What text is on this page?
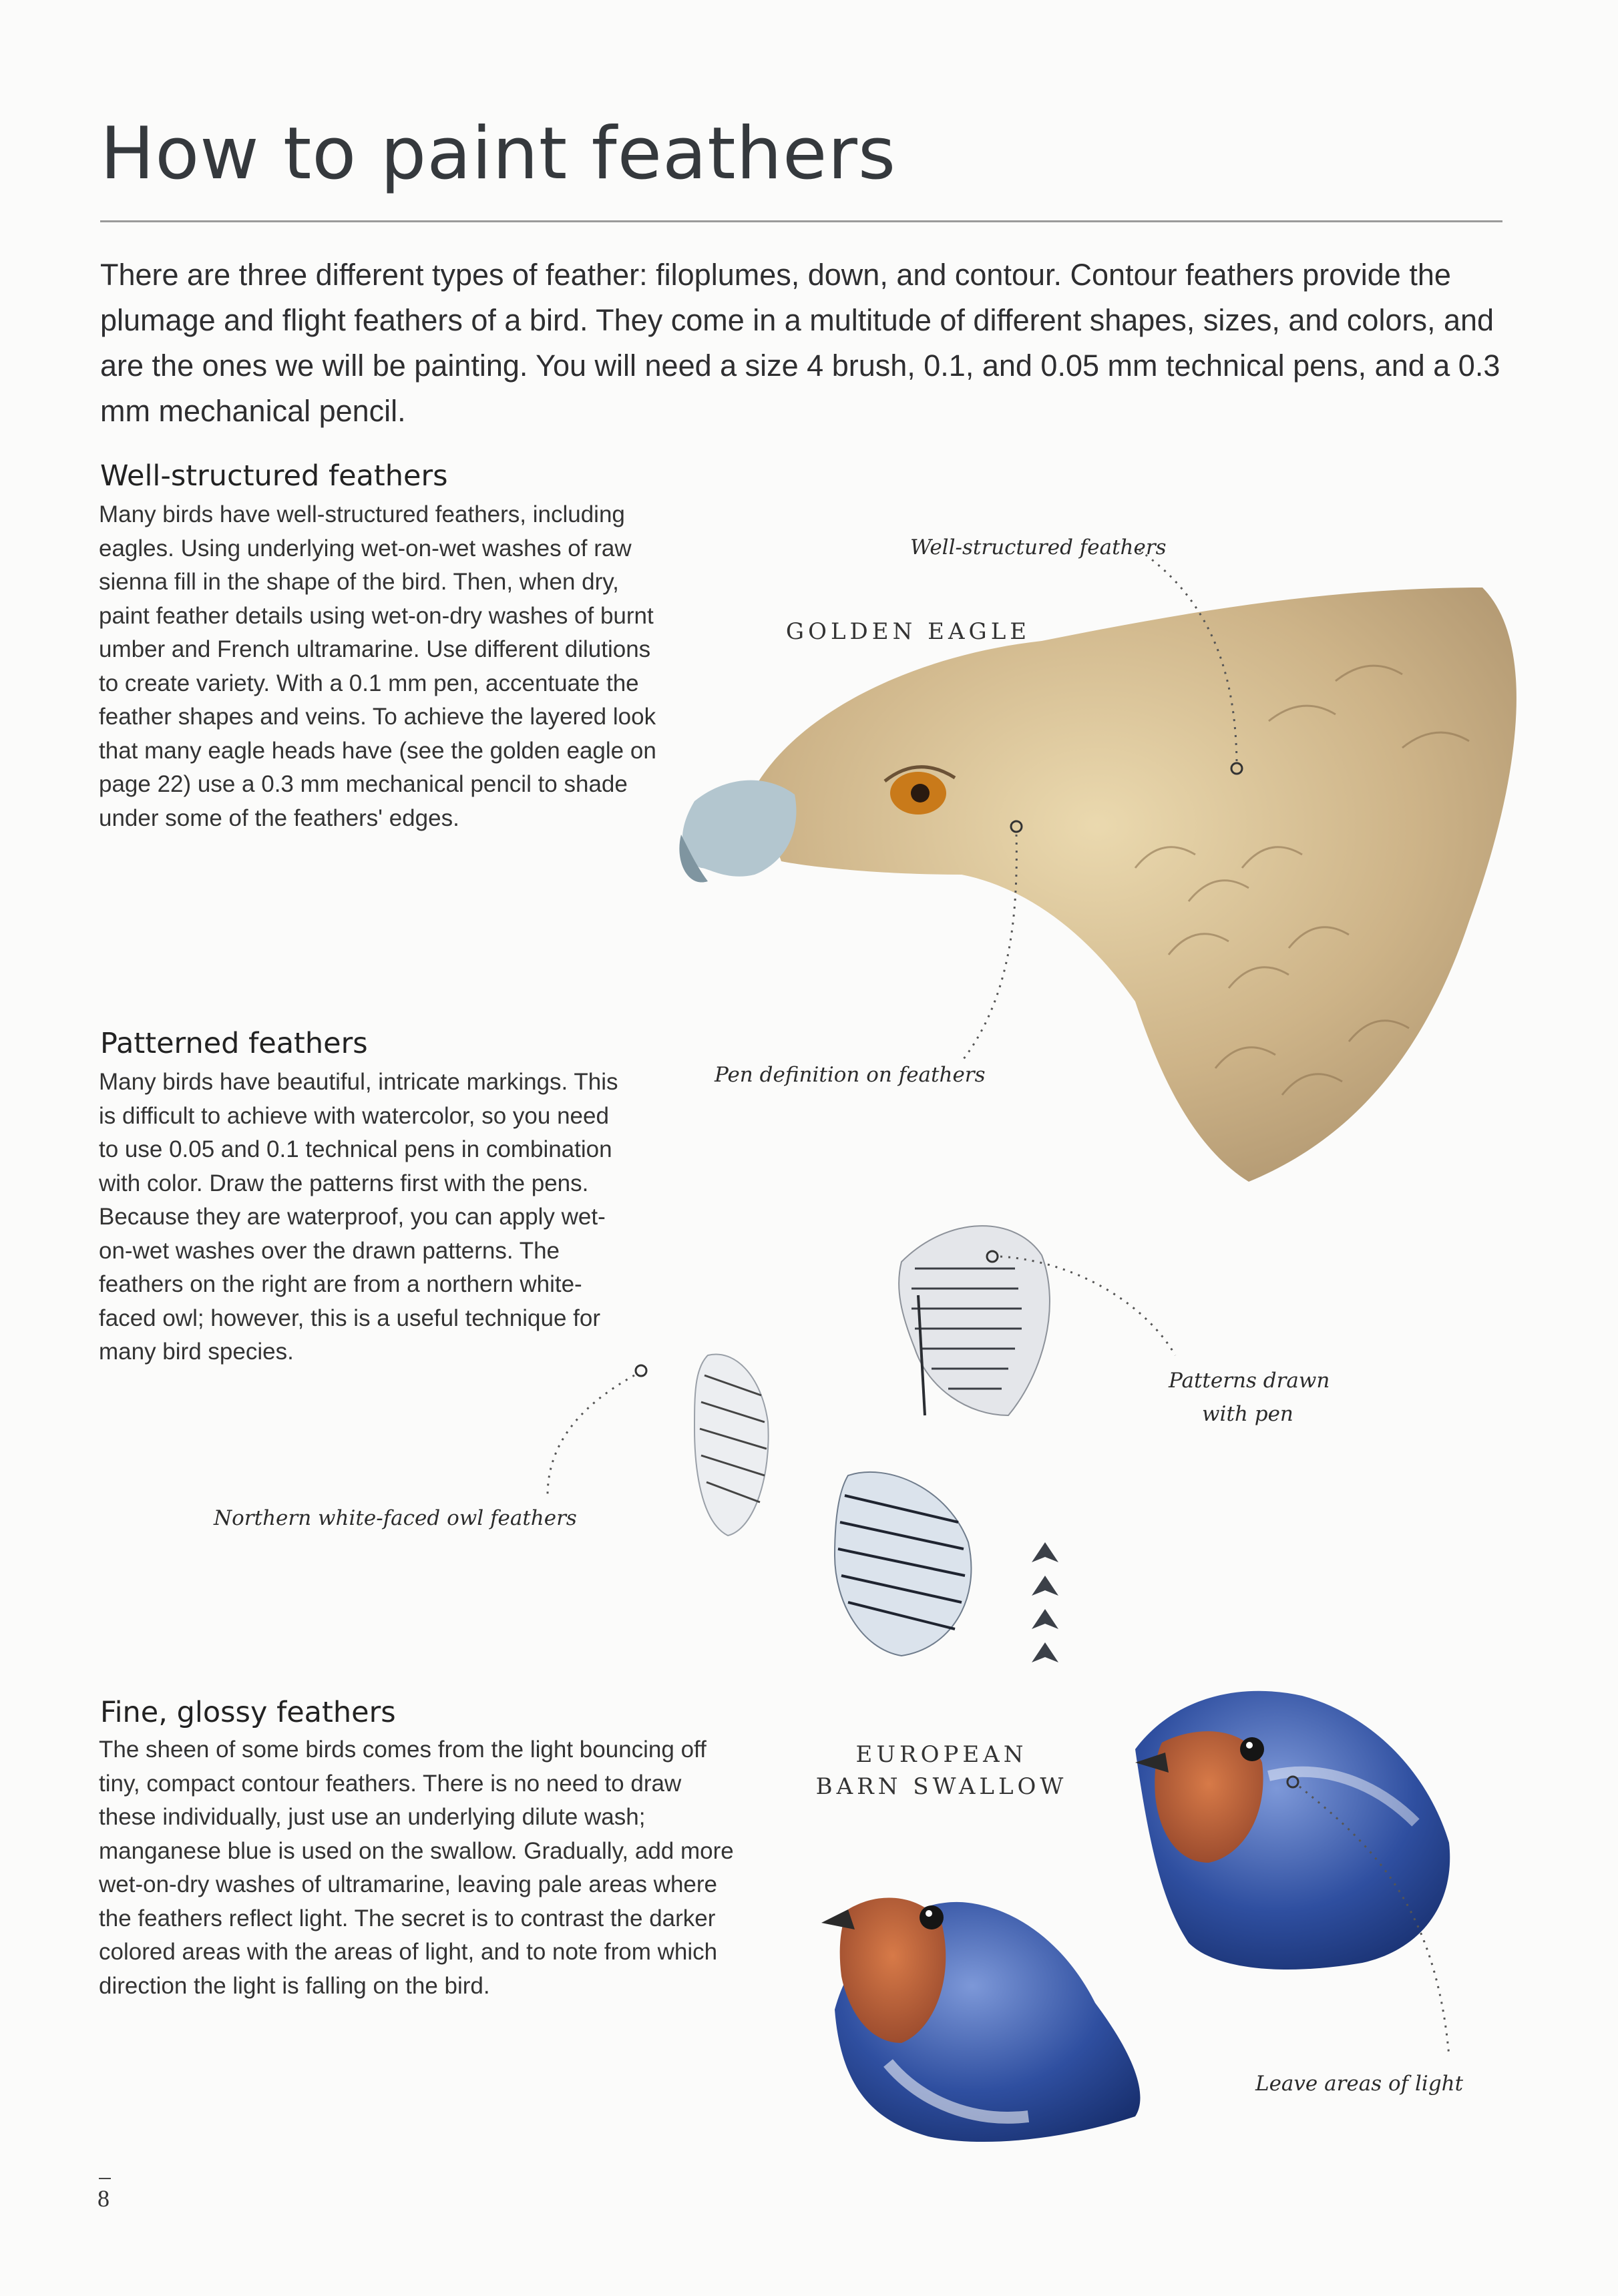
How to paint feathers

There are three different types of feather: filoplumes, down, and contour. Contour feathers provide the plumage and flight feathers of a bird. They come in a multitude of different shapes, sizes, and colors, and are the ones we will be painting. You will need a size 4 brush, 0.1, and 0.05 mm technical pens, and a 0.3 mm mechanical pencil.

Well-structured feathers

Many birds have well-structured feathers, including eagles. Using underlying wet-on-wet washes of raw sienna fill in the shape of the bird. Then, when dry, paint feather details using wet-on-dry washes of burnt umber and French ultramarine. Use different dilutions to create variety. With a 0.1 mm pen, accentuate the feather shapes and veins. To achieve the layered look that many eagle heads have (see the golden eagle on page 22) use a 0.3 mm mechanical pencil to shade under some of the feathers' edges.

Patterned feathers

Many birds have beautiful, intricate markings. This is difficult to achieve with watercolor, so you need to use 0.05 and 0.1 technical pens in combination with color. Draw the patterns first with the pens. Because they are waterproof, you can apply wet-on-wet washes over the drawn patterns. The feathers on the right are from a northern white-faced owl; however, this is a useful technique for many bird species.

Fine, glossy feathers

The sheen of some birds comes from the light bouncing off tiny, compact contour feathers. There is no need to draw these individually, just use an underlying dilute wash; manganese blue is used on the swallow. Gradually, add more wet-on-dry washes of ultramarine, leaving pale areas where the feathers reflect light. The secret is to contrast the darker colored areas with the areas of light, and to note from which direction the light is falling on the bird.

GOLDEN EAGLE
Well-structured feathers
Pen definition on feathers
Patterns drawn
with pen
Northern white-faced owl feathers
EUROPEAN
BARN SWALLOW
Leave areas of light
8
